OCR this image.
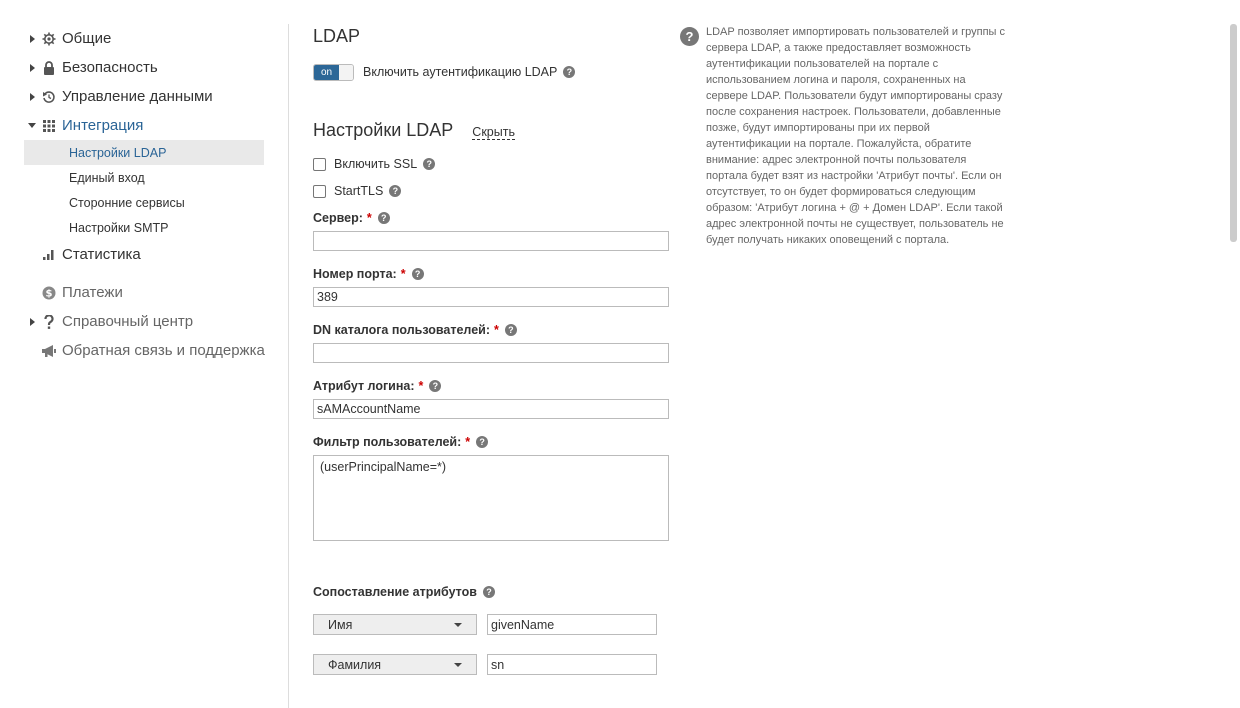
Общие
Безопасность
Управление данными
Интеграция
Настройки LDAP
Единый вход
Сторонние сервисы
Настройки SMTP
Статистика
$ Платежи
Справочный центр
Обратная связь и поддержка
LDAP
on	Включить аутентификацию LDAP	?
Настройки LDAP Скрыть
Включить SSL	?
StartTLS	?
Сервер: *	?
Номер порта: *	?
389
DN каталога пользователей: *	?
Атрибут логина: *	?
sAMAccountName
Фильтр пользователей: *	?
(userPrincipalName=*)
Сопоставление атрибутов	?
Имя	givenName
Фамилия	sn
?	LDAP позволяет импортировать пользователей и группы с сервера LDAP, а также предоставляет возможность аутентификации пользователей на портале с использованием логина и пароля, сохраненных на сервере LDAP. Пользователи будут импортированы сразу после сохранения настроек. Пользователи, добавленные позже, будут импортированы при их первой аутентификации на портале. Пожалуйста, обратите внимание: адрес электронной почты пользователя портала будет взят из настройки 'Атрибут почты'. Если он отсутствует, то он будет формироваться следующим образом: 'Атрибут логина + @ + Домен LDAP'. Если такой адрес электронной почты не существует, пользователь не будет получать никаких оповещений с портала.
